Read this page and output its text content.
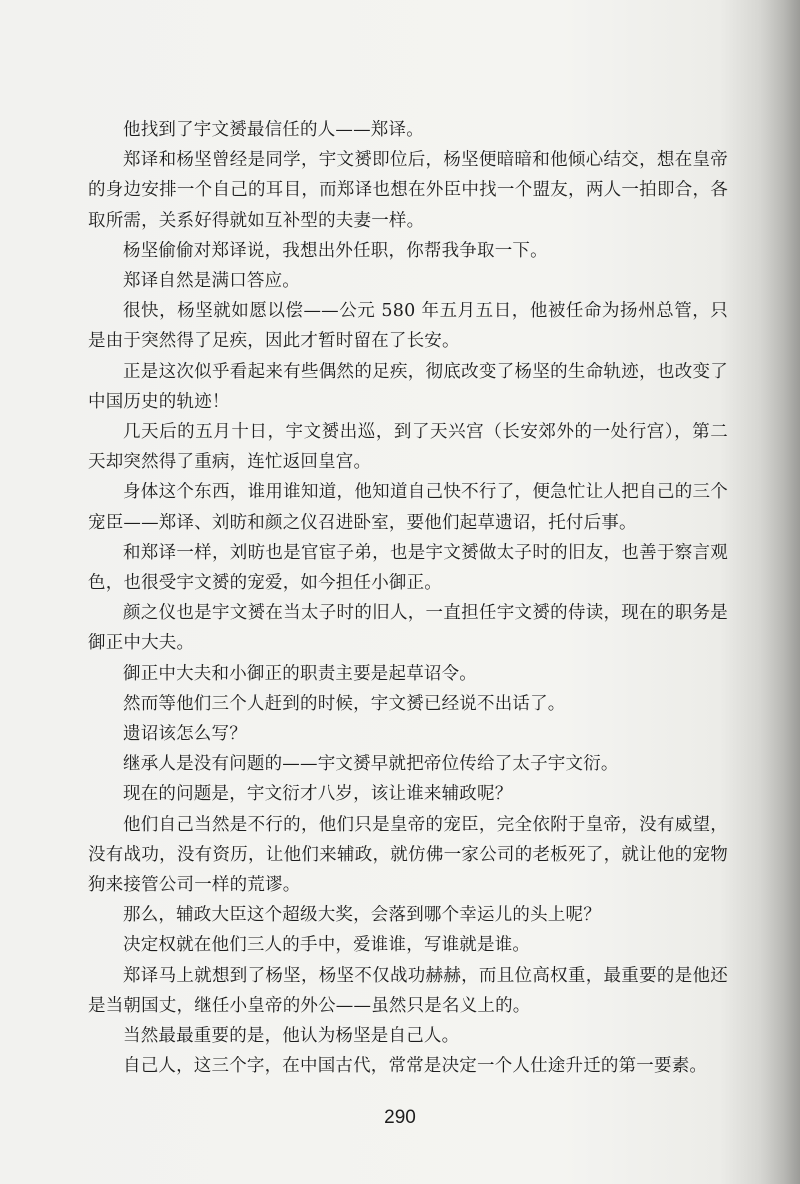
他找到了宇文赟最信任的人——郑译。

郑译和杨坚曾经是同学，宇文赟即位后，杨坚便暗暗和他倾心结交，想在皇帝的身边安排一个自己的耳目，而郑译也想在外臣中找一个盟友，两人一拍即合，各取所需，关系好得就如互补型的夫妻一样。

杨坚偷偷对郑译说，我想出外任职，你帮我争取一下。

郑译自然是满口答应。

很快，杨坚就如愿以偿——公元 580 年五月五日，他被任命为扬州总管，只是由于突然得了足疾，因此才暂时留在了长安。

正是这次似乎看起来有些偶然的足疾，彻底改变了杨坚的生命轨迹，也改变了中国历史的轨迹！

几天后的五月十日，宇文赟出巡，到了天兴宫（长安郊外的一处行宫），第二天却突然得了重病，连忙返回皇宫。

身体这个东西，谁用谁知道，他知道自己快不行了，便急忙让人把自己的三个宠臣——郑译、刘昉和颜之仪召进卧室，要他们起草遗诏，托付后事。

和郑译一样，刘昉也是官宦子弟，也是宇文赟做太子时的旧友，也善于察言观色，也很受宇文赟的宠爱，如今担任小御正。

颜之仪也是宇文赟在当太子时的旧人，一直担任宇文赟的侍读，现在的职务是御正中大夫。

御正中大夫和小御正的职责主要是起草诏令。

然而等他们三个人赶到的时候，宇文赟已经说不出话了。

遗诏该怎么写？

继承人是没有问题的——宇文赟早就把帝位传给了太子宇文衍。

现在的问题是，宇文衍才八岁，该让谁来辅政呢？

他们自己当然是不行的，他们只是皇帝的宠臣，完全依附于皇帝，没有威望，没有战功，没有资历，让他们来辅政，就仿佛一家公司的老板死了，就让他的宠物狗来接管公司一样的荒谬。

那么，辅政大臣这个超级大奖，会落到哪个幸运儿的头上呢？

决定权就在他们三人的手中，爱谁谁，写谁就是谁。

郑译马上就想到了杨坚，杨坚不仅战功赫赫，而且位高权重，最重要的是他还是当朝国丈，继任小皇帝的外公——虽然只是名义上的。

当然最最重要的是，他认为杨坚是自己人。

自己人，这三个字，在中国古代，常常是决定一个人仕途升迁的第一要素。

290
